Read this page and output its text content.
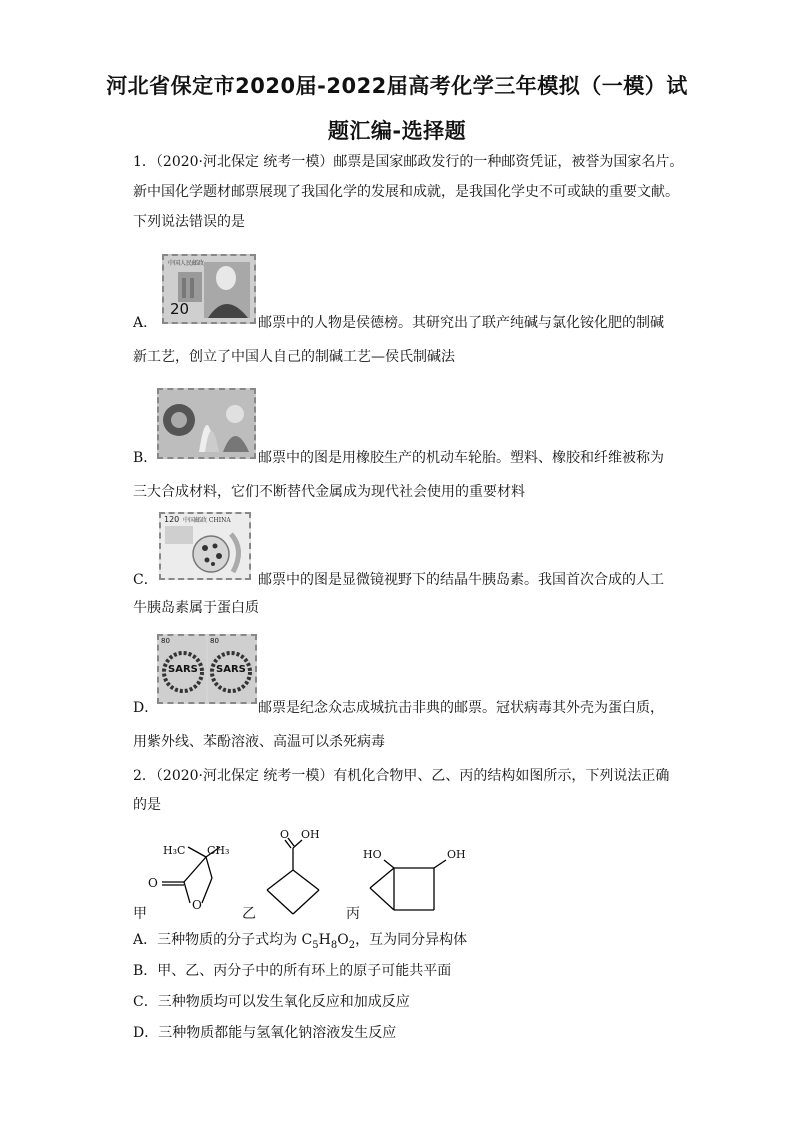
河北省保定市2020届-2022届高考化学三年模拟（一模）试
题汇编-选择题
1．（2020·河北保定 统考一模）邮票是国家邮政发行的一种邮资凭证，被誉为国家名片。
新中国化学题材邮票展现了我国化学的发展和成就，是我国化学史不可或缺的重要文献。
下列说法错误的是
中国人民邮政
20
A．	邮票中的人物是侯德榜。其研究出了联产纯碱与氯化铵化肥的制碱
新工艺，创立了中国人自己的制碱工艺—侯氏制碱法
B．	邮票中的图是用橡胶生产的机动车轮胎。塑料、橡胶和纤维被称为
三大合成材料，它们不断替代金属成为现代社会使用的重要材料
120 中国邮政 CHINA
C．	邮票中的图是显微镜视野下的结晶牛胰岛素。我国首次合成的人工
牛胰岛素属于蛋白质
80	80
SARS SARS
D．	邮票是纪念众志成城抗击非典的邮票。冠状病毒其外壳为蛋白质，
用紫外线、苯酚溶液、高温可以杀死病毒
2．（2020·河北保定 统考一模）有机化合物甲、乙、丙的结构如图所示，下列说法正确
的是
H₃C CH₃
O
O
甲
O OH
乙
HO	OH
丙
A．三种物质的分子式均为 $C_5H_8O_2$，互为同分异构体
B．甲、乙、丙分子中的所有环上的原子可能共平面
C．三种物质均可以发生氧化反应和加成反应
D．三种物质都能与氢氧化钠溶液发生反应
